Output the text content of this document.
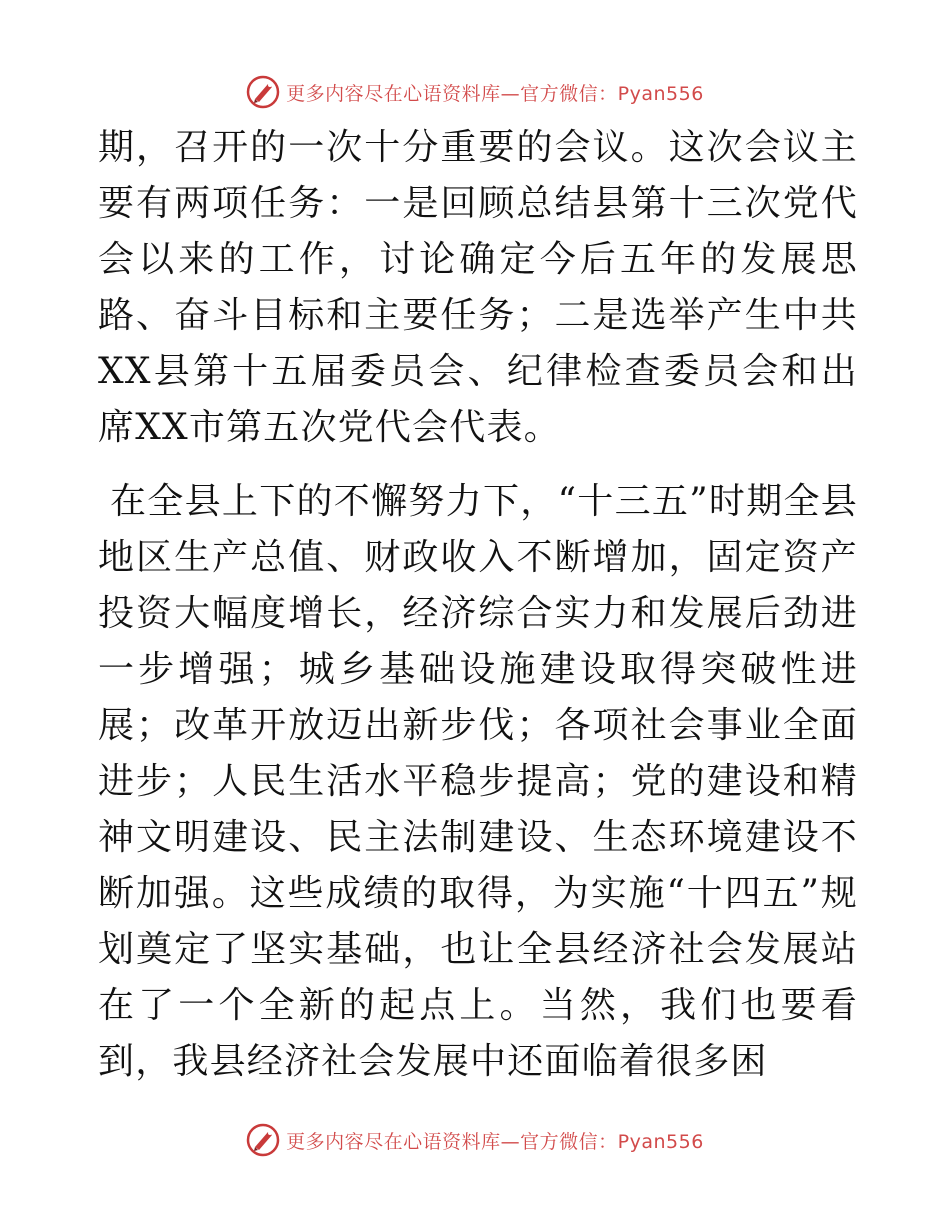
更多内容尽在心语资料库—官方微信：Pyan556

期，召开的一次十分重要的会议。这次会议主要有两项任务：一是回顾总结县第十三次党代会以来的工作，讨论确定今后五年的发展思路、奋斗目标和主要任务；二是选举产生中共XX县第十五届委员会、纪律检查委员会和出席XX市第五次党代会代表。

在全县上下的不懈努力下，“十三五”时期全县地区生产总值、财政收入不断增加，固定资产投资大幅度增长，经济综合实力和发展后劲进一步增强；城乡基础设施建设取得突破性进展；改革开放迈出新步伐；各项社会事业全面进步；人民生活水平稳步提高；党的建设和精神文明建设、民主法制建设、生态环境建设不断加强。这些成绩的取得，为实施“十四五”规划奠定了坚实基础，也让全县经济社会发展站在了一个全新的起点上。当然，我们也要看到，我县经济社会发展中还面临着很多困

更多内容尽在心语资料库—官方微信：Pyan556
